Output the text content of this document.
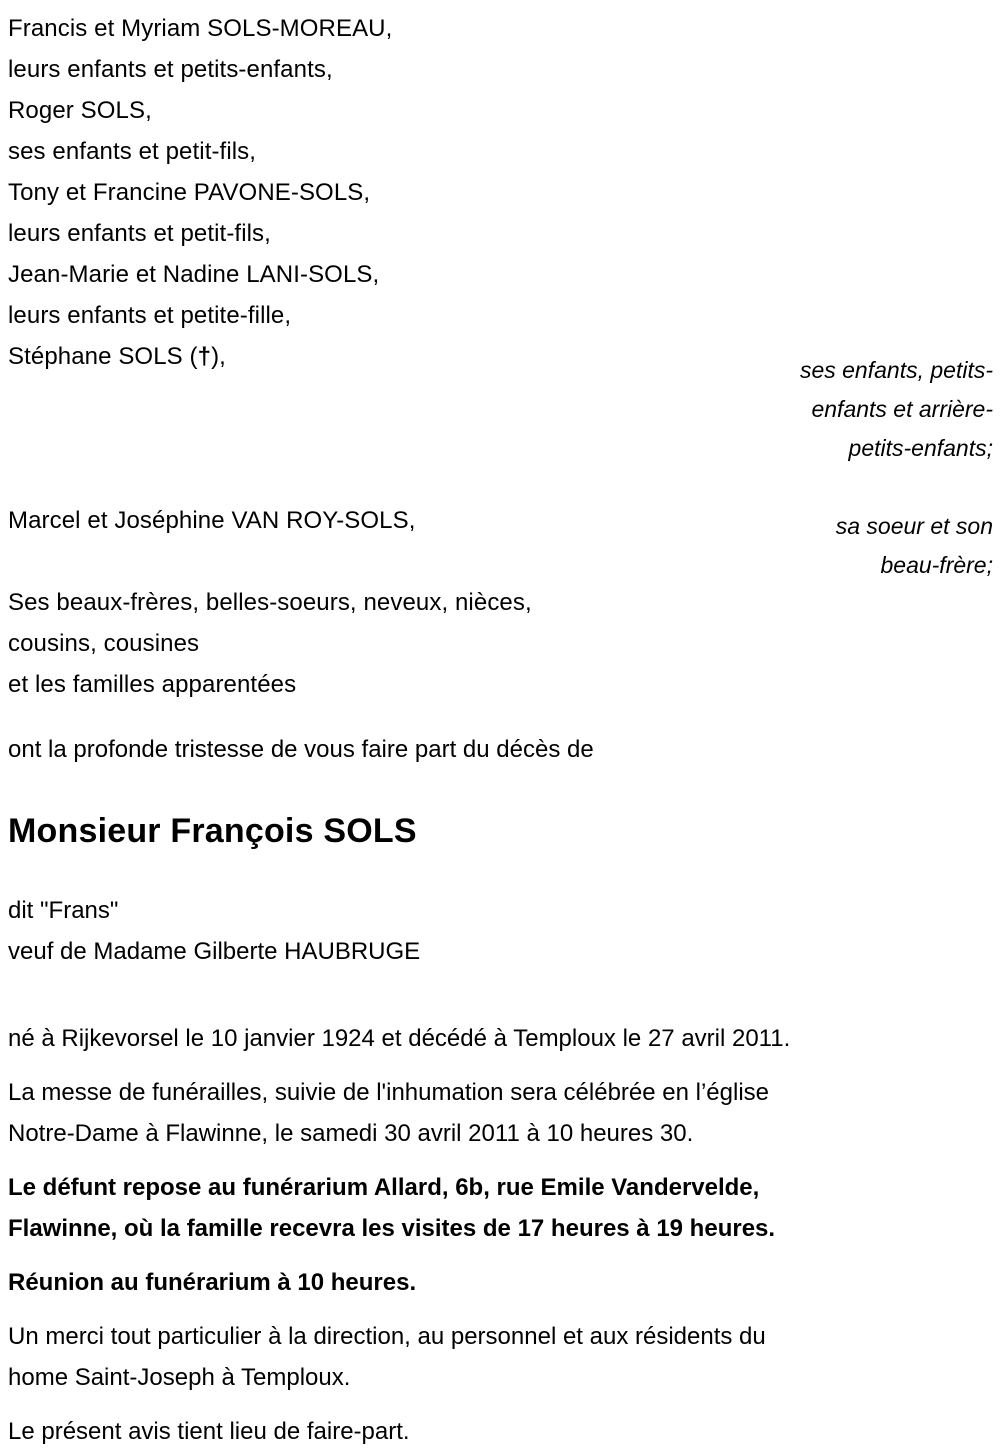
Francis et Myriam SOLS-MOREAU,
leurs enfants et petits-enfants,
Roger SOLS,
ses enfants et petit-fils,
Tony et Francine PAVONE-SOLS,
leurs enfants et petit-fils,
Jean-Marie et Nadine LANI-SOLS,
leurs enfants et petite-fille,
Stéphane SOLS (†),
Marcel et Joséphine VAN ROY-SOLS,
Ses beaux-frères, belles-soeurs, neveux, nièces,
cousins, cousines
et les familles apparentées
ses enfants, petits-
enfants et arrière-
petits-enfants;
sa soeur et son
beau-frère;
ont la profonde tristesse de vous faire part du décès de
Monsieur François SOLS
dit "Frans"
veuf de Madame Gilberte HAUBRUGE

né à Rijkevorsel le 10 janvier 1924 et décédé à Temploux le 27 avril 2011.

La messe de funérailles, suivie de l'inhumation sera célébrée en l’église
Notre-Dame à Flawinne, le samedi 30 avril 2011 à 10 heures 30.

Le défunt repose au funérarium Allard, 6b, rue Emile Vandervelde,
Flawinne, où la famille recevra les visites de 17 heures à 19 heures.

Réunion au funérarium à 10 heures.

Un merci tout particulier à la direction, au personnel et aux résidents du
home Saint-Joseph à Temploux.

Le présent avis tient lieu de faire-part.
